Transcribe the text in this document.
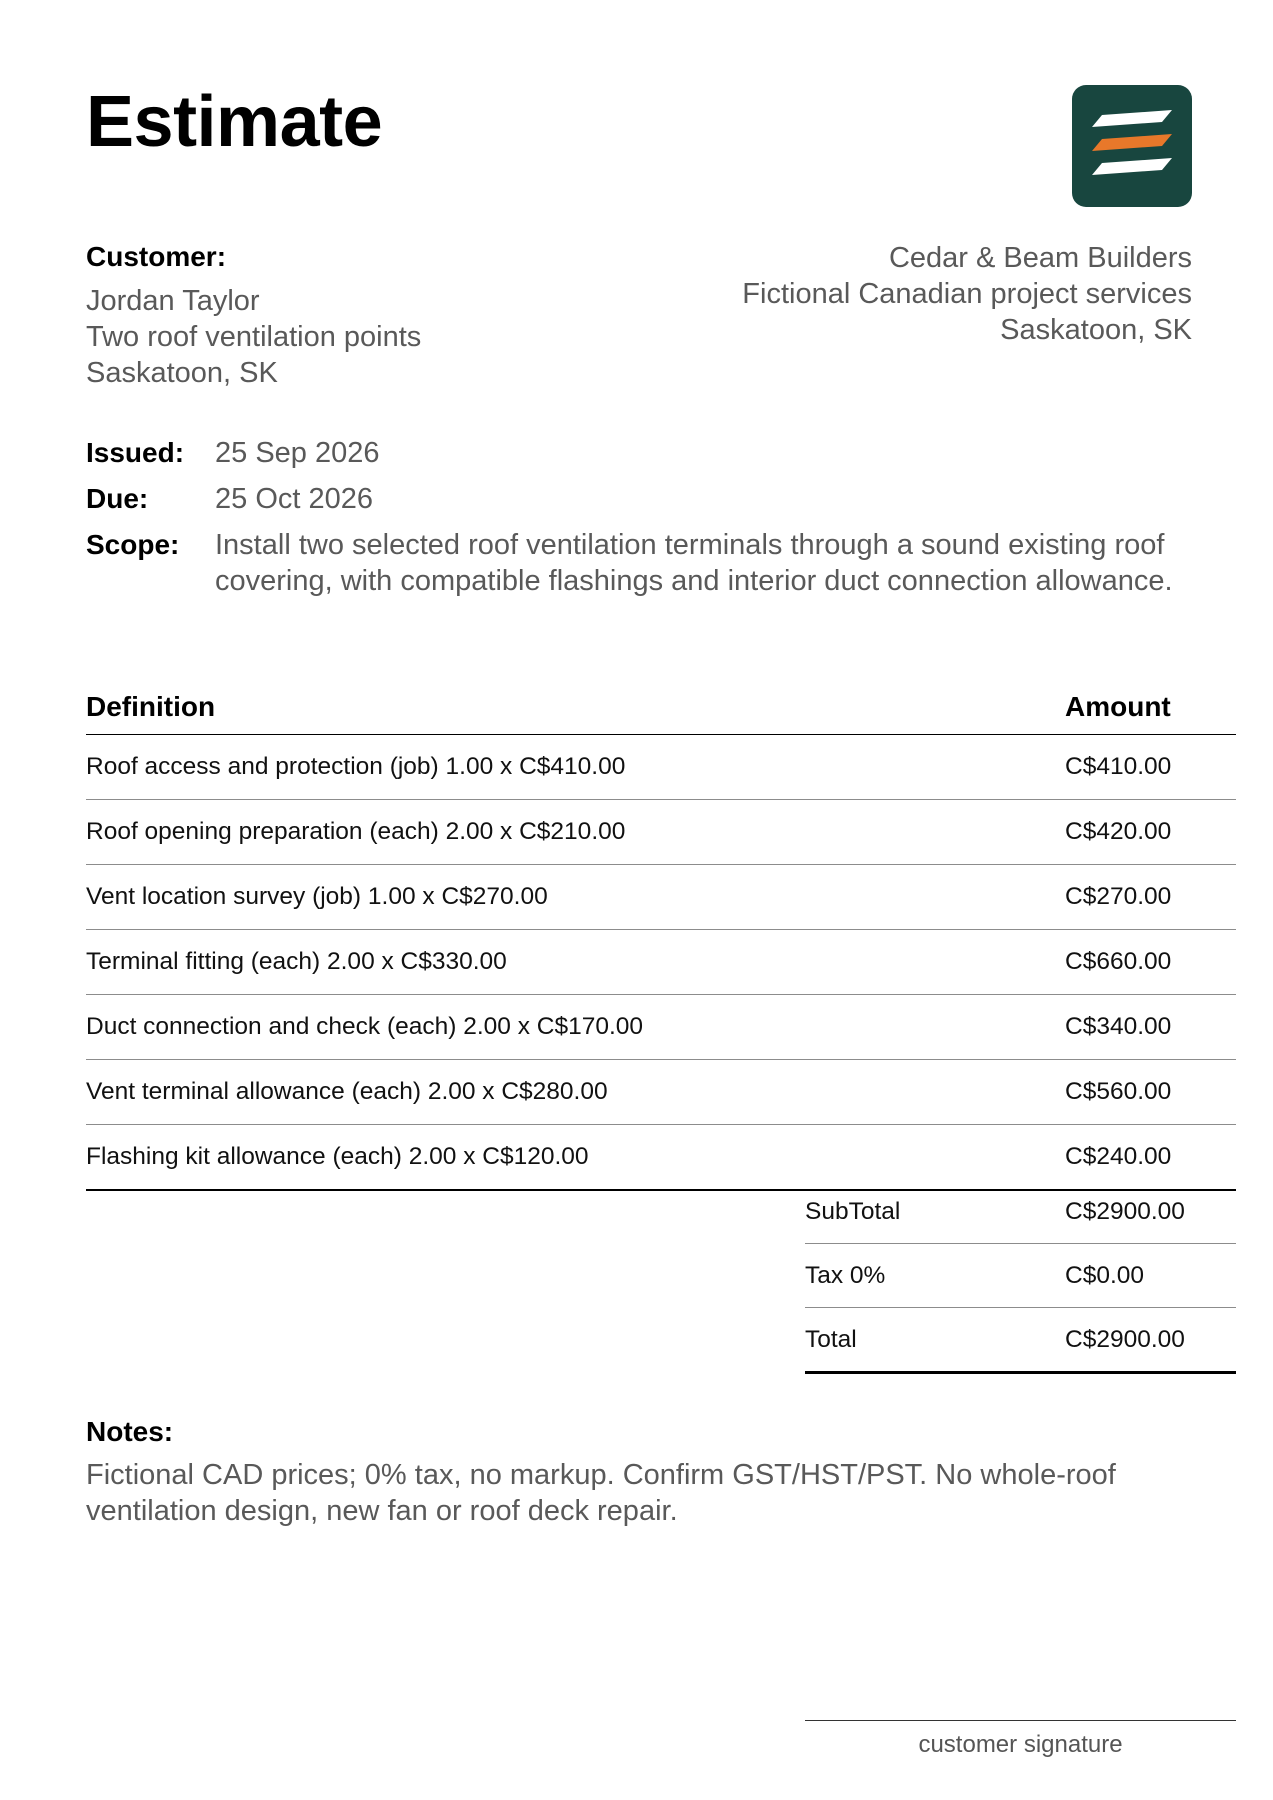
Estimate
Customer:
Jordan Taylor
Two roof ventilation points
Saskatoon, SK
Cedar & Beam Builders
Fictional Canadian project services
Saskatoon, SK
Issued:	25 Sep 2026
Due:	25 Oct 2026
Scope:	Install two selected roof ventilation terminals through a sound existing roof covering, with compatible flashings and interior duct connection allowance.
Definition	Amount
Roof access and protection (job) 1.00 x C$410.00	C$410.00
Roof opening preparation (each) 2.00 x C$210.00	C$420.00
Vent location survey (job) 1.00 x C$270.00	C$270.00
Terminal fitting (each) 2.00 x C$330.00	C$660.00
Duct connection and check (each) 2.00 x C$170.00	C$340.00
Vent terminal allowance (each) 2.00 x C$280.00	C$560.00
Flashing kit allowance (each) 2.00 x C$120.00	C$240.00
SubTotal	C$2900.00
Tax 0%	C$0.00
Total	C$2900.00
Notes:
Fictional CAD prices; 0% tax, no markup. Confirm GST/HST/PST. No whole-roof ventilation design, new fan or roof deck repair.
customer signature
